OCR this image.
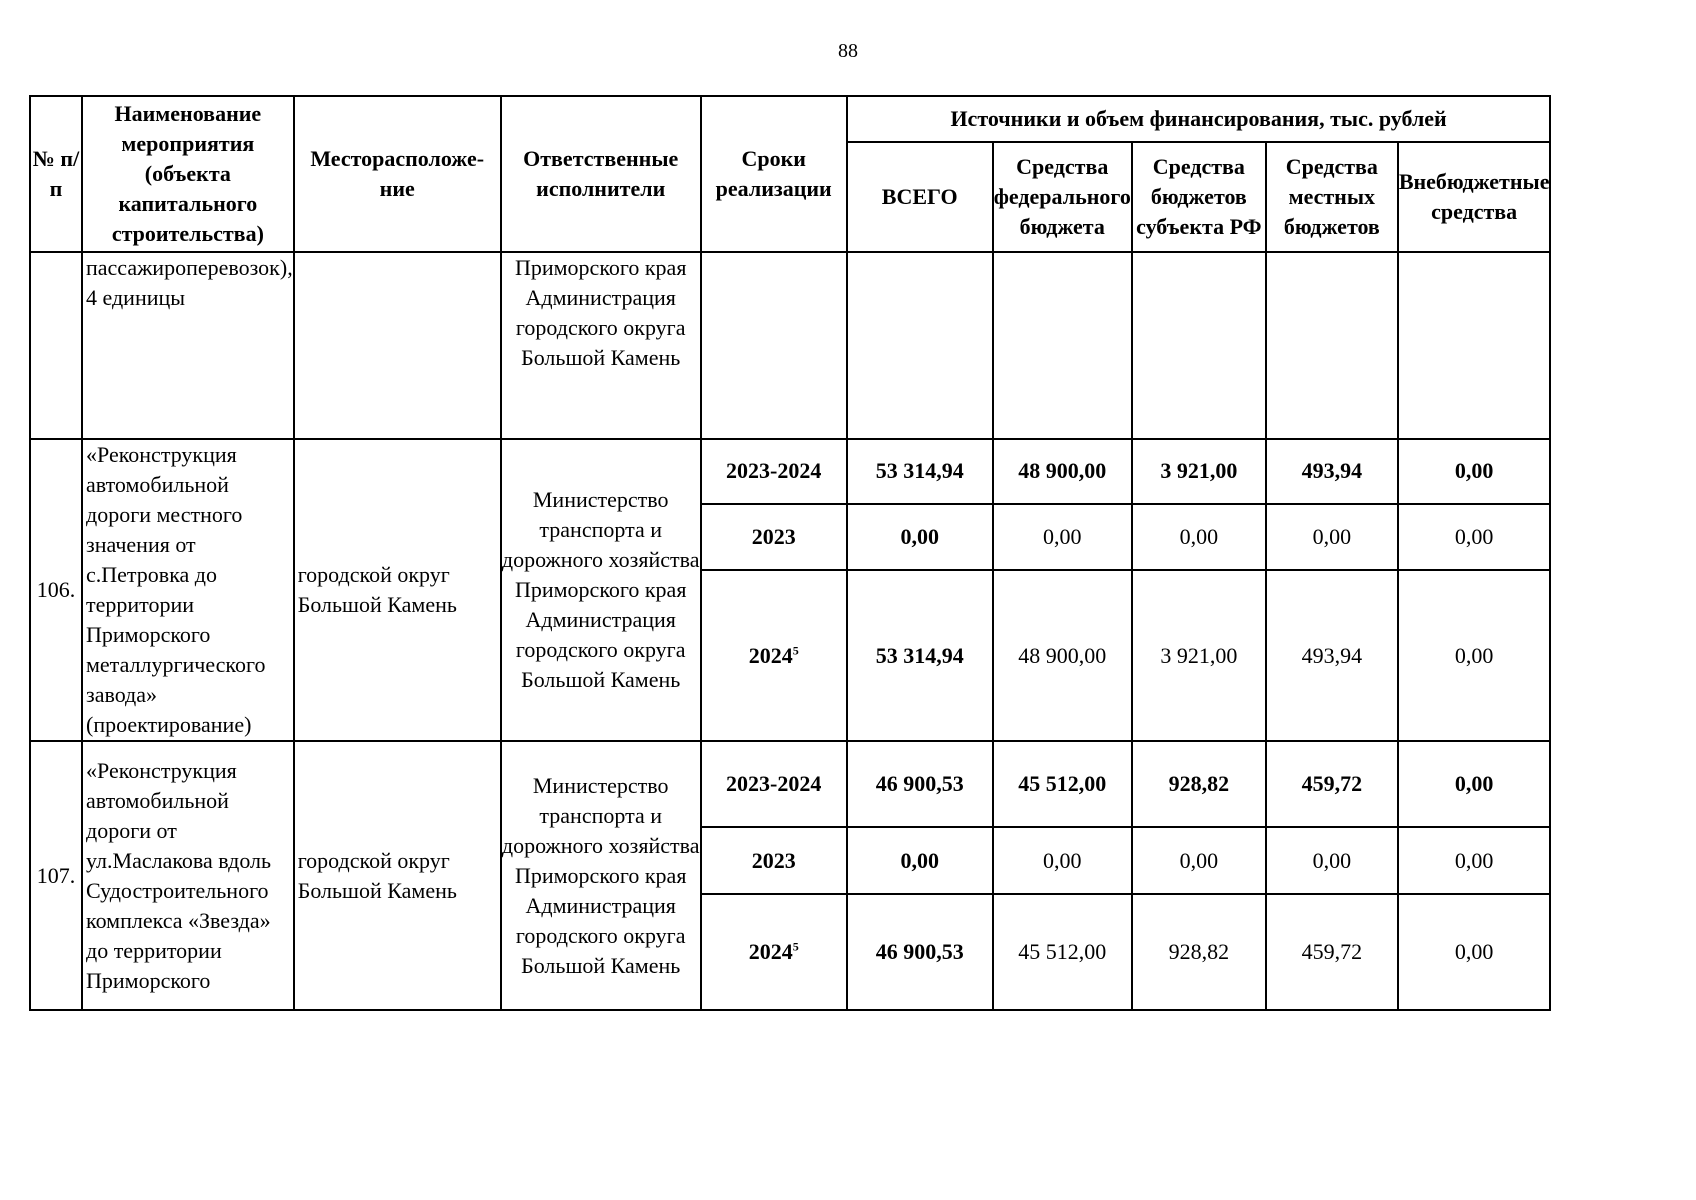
88
№ п/п	Наименование мероприятия (объекта капитального строительства)	Месторасположе-ние	Ответственные исполнители	Сроки реализации	Источники и объем финансирования, тыс. рублей				
					ВСЕГО	Средства федерального бюджета	Средства бюджетов субъекта РФ	Средства местных бюджетов	Внебюджетные средства
	пассажироперевозок), 4 единицы		Приморского края Администрация городского округа Большой Камень						
106.	«Реконструкция автомобильной дороги местного значения от с.Петровка до территории Приморского металлургического завода» (проектирование)	городской округ Большой Камень	Министерство транспорта и дорожного хозяйства Приморского края Администрация городского округа Большой Камень	2023-2024	53 314,94	48 900,00	3 921,00	493,94	0,00
				2023	0,00	0,00	0,00	0,00	0,00
				2024$^5$	53 314,94	48 900,00	3 921,00	493,94	0,00
107.	«Реконструкция автомобильной дороги от ул.Маслакова вдоль Судостроительного комплекса «Звезда» до территории Приморского	городской округ Большой Камень	Министерство транспорта и дорожного хозяйства Приморского края Администрация городского округа Большой Камень	2023-2024	46 900,53	45 512,00	928,82	459,72	0,00
				2023	0,00	0,00	0,00	0,00	0,00
				2024$^5$	46 900,53	45 512,00	928,82	459,72	0,00
